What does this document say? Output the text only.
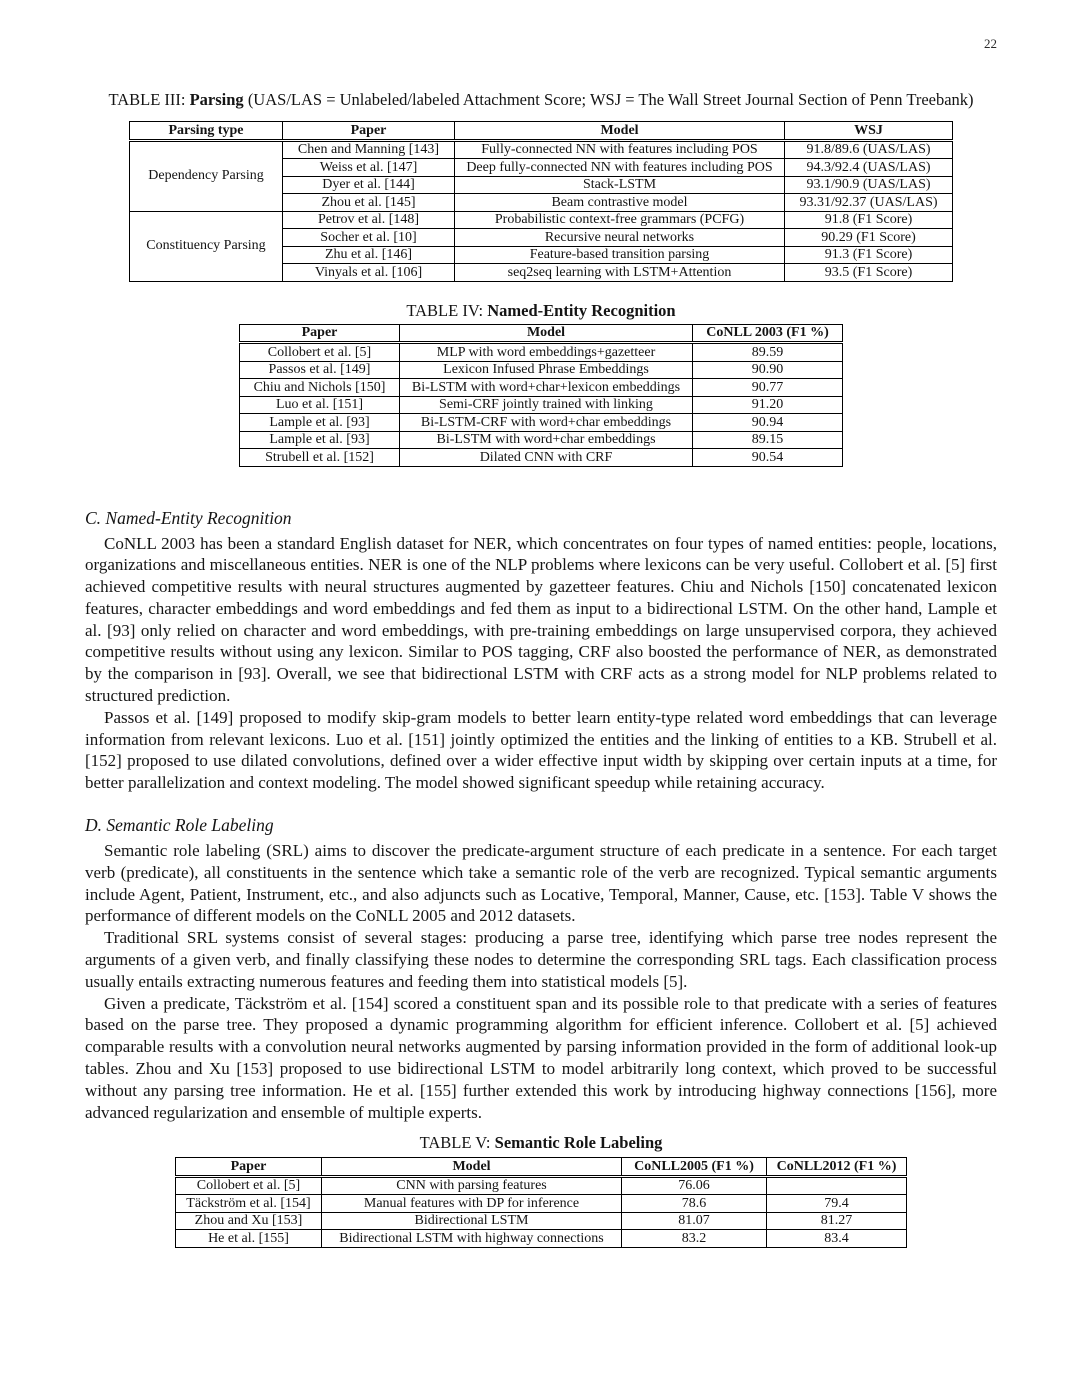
22
TABLE III: Parsing (UAS/LAS = Unlabeled/labeled Attachment Score; WSJ = The Wall Street Journal Section of Penn Treebank)
Parsing type	Paper	Model	WSJ
Dependency Parsing	Chen and Manning [143]	Fully-connected NN with features including POS	91.8/89.6 (UAS/LAS)
	Weiss et al. [147]	Deep fully-connected NN with features including POS	94.3/92.4 (UAS/LAS)
	Dyer et al. [144]	Stack-LSTM	93.1/90.9 (UAS/LAS)
	Zhou et al. [145]	Beam contrastive model	93.31/92.37 (UAS/LAS)
Constituency Parsing	Petrov et al. [148]	Probabilistic context-free grammars (PCFG)	91.8 (F1 Score)
	Socher et al. [10]	Recursive neural networks	90.29 (F1 Score)
	Zhu et al. [146]	Feature-based transition parsing	91.3 (F1 Score)
	Vinyals et al. [106]	seq2seq learning with LSTM+Attention	93.5 (F1 Score)
TABLE IV: Named-Entity Recognition
Paper	Model	CoNLL 2003 (F1 %)
Collobert et al. [5]	MLP with word embeddings+gazetteer	89.59
Passos et al. [149]	Lexicon Infused Phrase Embeddings	90.90
Chiu and Nichols [150]	Bi-LSTM with word+char+lexicon embeddings	90.77
Luo et al. [151]	Semi-CRF jointly trained with linking	91.20
Lample et al. [93]	Bi-LSTM-CRF with word+char embeddings	90.94
Lample et al. [93]	Bi-LSTM with word+char embeddings	89.15
Strubell et al. [152]	Dilated CNN with CRF	90.54
C. Named-Entity Recognition

CoNLL 2003 has been a standard English dataset for NER, which concentrates on four types of named entities: people, locations, organizations and miscellaneous entities. NER is one of the NLP problems where lexicons can be very useful. Collobert et al. [5] first achieved competitive results with neural structures augmented by gazetteer features. Chiu and Nichols [150] concatenated lexicon features, character embeddings and word embeddings and fed them as input to a bidirectional LSTM. On the other hand, Lample et al. [93] only relied on character and word embeddings, with pre-training embeddings on large unsupervised corpora, they achieved competitive results without using any lexicon. Similar to POS tagging, CRF also boosted the performance of NER, as demonstrated by the comparison in [93]. Overall, we see that bidirectional LSTM with CRF acts as a strong model for NLP problems related to structured prediction.

Passos et al. [149] proposed to modify skip-gram models to better learn entity-type related word embeddings that can leverage information from relevant lexicons. Luo et al. [151] jointly optimized the entities and the linking of entities to a KB. Strubell et al. [152] proposed to use dilated convolutions, defined over a wider effective input width by skipping over certain inputs at a time, for better parallelization and context modeling. The model showed significant speedup while retaining accuracy.

D. Semantic Role Labeling

Semantic role labeling (SRL) aims to discover the predicate-argument structure of each predicate in a sentence. For each target verb (predicate), all constituents in the sentence which take a semantic role of the verb are recognized. Typical semantic arguments include Agent, Patient, Instrument, etc., and also adjuncts such as Locative, Temporal, Manner, Cause, etc. [153]. Table V shows the performance of different models on the CoNLL 2005 and 2012 datasets.

Traditional SRL systems consist of several stages: producing a parse tree, identifying which parse tree nodes represent the arguments of a given verb, and finally classifying these nodes to determine the corresponding SRL tags. Each classification process usually entails extracting numerous features and feeding them into statistical models [5].

Given a predicate, Täckström et al. [154] scored a constituent span and its possible role to that predicate with a series of features based on the parse tree. They proposed a dynamic programming algorithm for efficient inference. Collobert et al. [5] achieved comparable results with a convolution neural networks augmented by parsing information provided in the form of additional look-up tables. Zhou and Xu [153] proposed to use bidirectional LSTM to model arbitrarily long context, which proved to be successful without any parsing tree information. He et al. [155] further extended this work by introducing highway connections [156], more advanced regularization and ensemble of multiple experts.

TABLE V: Semantic Role Labeling
Paper	Model	CoNLL2005 (F1 %)	CoNLL2012 (F1 %)
Collobert et al. [5]	CNN with parsing features	76.06	
Täckström et al. [154]	Manual features with DP for inference	78.6	79.4
Zhou and Xu [153]	Bidirectional LSTM	81.07	81.27
He et al. [155]	Bidirectional LSTM with highway connections	83.2	83.4
